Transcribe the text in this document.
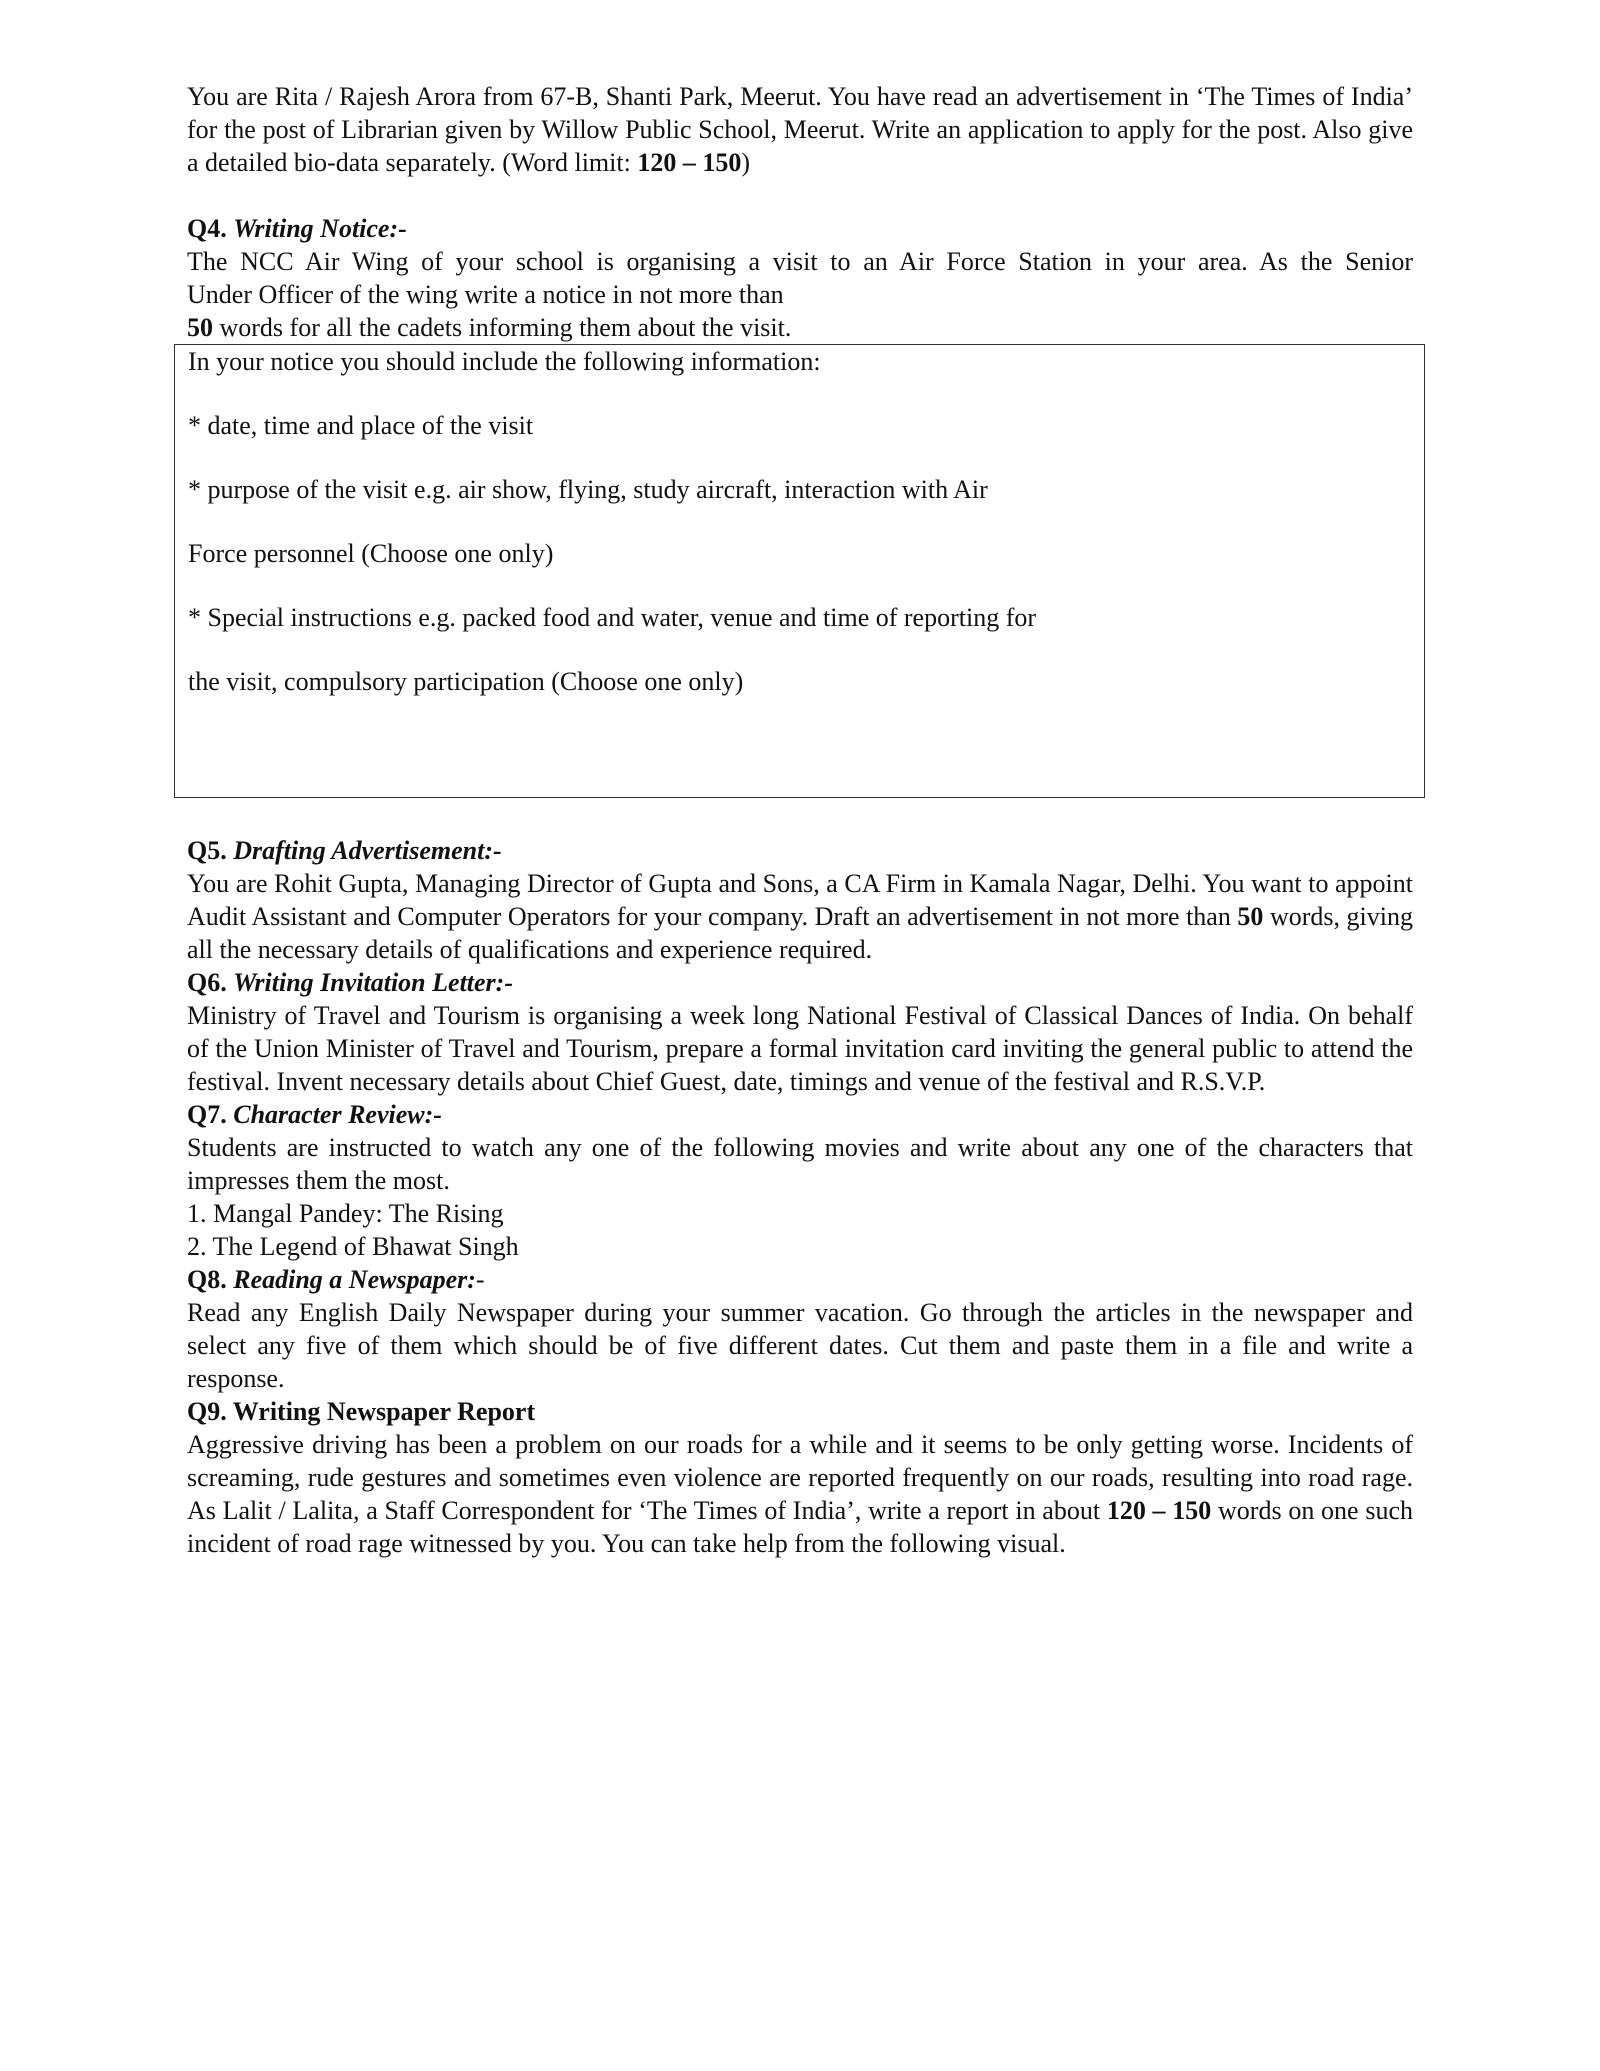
You are Rita / Rajesh Arora from 67-B, Shanti Park, Meerut. You have read an advertisement in ‘The Times of India’ for the post of Librarian given by Willow Public School, Meerut. Write an application to apply for the post. Also give a detailed bio-data separately. (Word limit: 120 – 150)

Q4. Writing Notice:-

The NCC Air Wing of your school is organising a visit to an Air Force Station in your area. As the Senior

Under Officer of the wing write a notice in not more than

50 words for all the cadets informing them about the visit.

In your notice you should include the following information:

* date, time and place of the visit

* purpose of the visit e.g. air show, flying, study aircraft, interaction with Air

Force personnel (Choose one only)

* Special instructions e.g. packed food and water, venue and time of reporting for

the visit, compulsory participation (Choose one only)

Q5. Drafting Advertisement:-

You are Rohit Gupta, Managing Director of Gupta and Sons, a CA Firm in Kamala Nagar, Delhi. You want to appoint Audit Assistant and Computer Operators for your company. Draft an advertisement in not more than 50 words, giving all the necessary details of qualifications and experience required.

Q6. Writing Invitation Letter:-

Ministry of Travel and Tourism is organising a week long National Festival of Classical Dances of India. On behalf of the Union Minister of Travel and Tourism, prepare a formal invitation card inviting the general public to attend the festival. Invent necessary details about Chief Guest, date, timings and venue of the festival and R.S.V.P.

Q7. Character Review:-

Students are instructed to watch any one of the following movies and write about any one of the characters that impresses them the most.

1. Mangal Pandey: The Rising

2. The Legend of Bhawat Singh

Q8. Reading a Newspaper:-

Read any English Daily Newspaper during your summer vacation. Go through the articles in the newspaper and select any five of them which should be of five different dates. Cut them and paste them in a file and write a response.

Q9. Writing Newspaper Report

Aggressive driving has been a problem on our roads for a while and it seems to be only getting worse. Incidents of screaming, rude gestures and sometimes even violence are reported frequently on our roads, resulting into road rage. As Lalit / Lalita, a Staff Correspondent for ‘The Times of India’, write a report in about 120 – 150 words on one such incident of road rage witnessed by you. You can take help from the following visual.
